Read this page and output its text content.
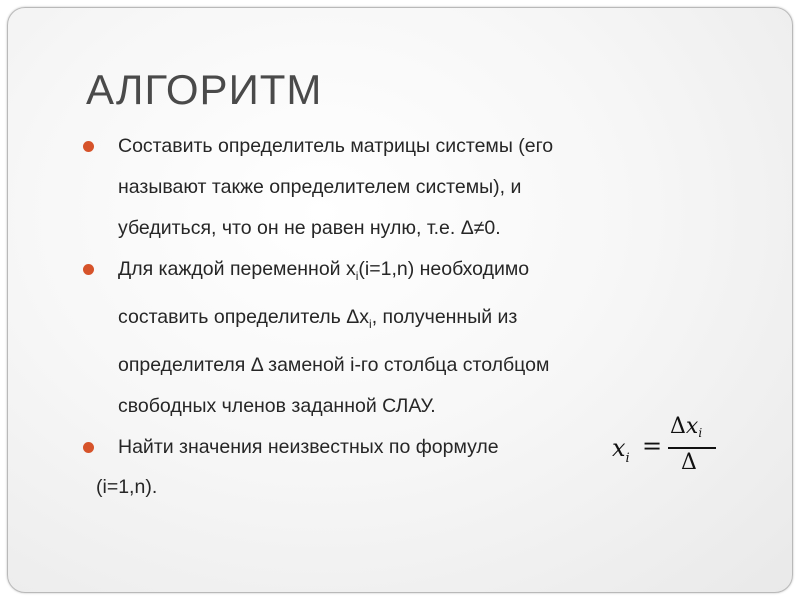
АЛГОРИТМ
Составить определитель матрицы системы (его
называют также определителем системы), и
убедиться, что он не равен нулю, т.е. Δ≠0.
Для каждой переменной $x_i(i=1,n)$ необходимо
составить определитель $\Delta x_i$, полученный из
определителя Δ заменой i-го столбца столбцом
свободных членов заданной СЛАУ.
Найти значения неизвестных по формуле	$x_i$ =
Δxi
Δ
(i=1,n).
